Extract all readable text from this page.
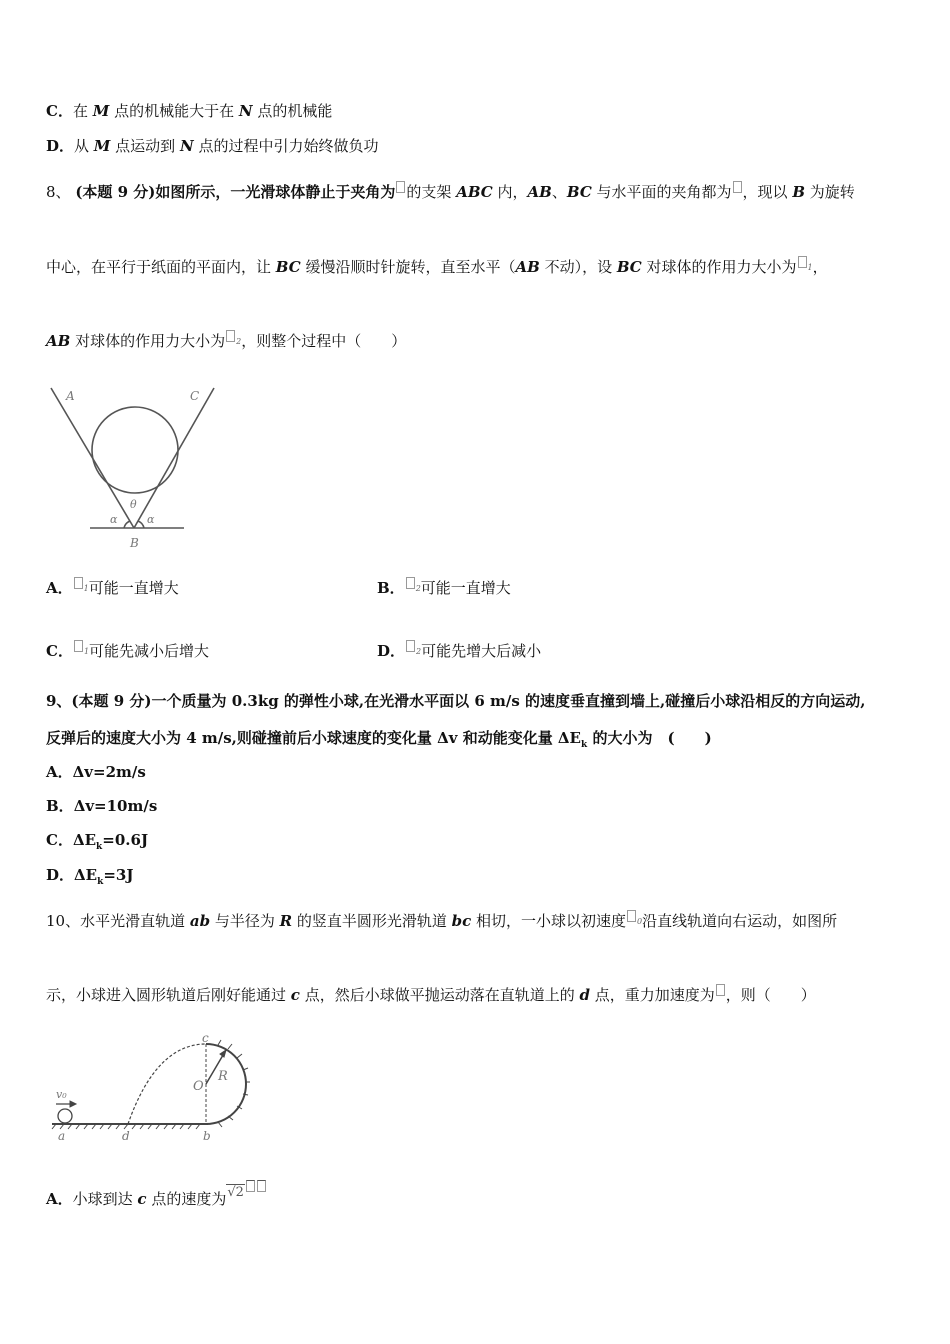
C．在 M 点的机械能大于在 N 点的机械能
D．从 M 点运动到 N 点的过程中引力始终做负功
8、 (本题 9 分)如图所示，一光滑球体静止于夹角为 的支架 ABC 内，AB、BC 与水平面的夹角都为 ，现以 B 为旋转
中心，在平行于纸面的平面内，让 BC 缓慢沿顺时针旋转，直至水平（AB 不动），设 BC 对球体的作用力大小为 $^1$，
AB 对球体的作用力大小为 $^2$，则整个过程中（　　）
A	C
θ
α	α
B
A． $^1$可能一直增大	B． $^2$可能一直增大
C． $^1$可能先减小后增大	D． $^2$可能先增大后减小
9、(本题 9 分)一个质量为 0.3kg 的弹性小球,在光滑水平面以 6 m/s 的速度垂直撞到墙上,碰撞后小球沿相反的方向运动,
反弹后的速度大小为 4 m/s,则碰撞前后小球速度的变化量 Δv 和动能变化量 $\Delta E_k$ 的大小为　(　　)
A．Δv=2m/s
B．Δv=10m/s
C．$\Delta E_k=0.6J$
D．$\Delta E_k=3J$
10、水平光滑直轨道 ab 与半径为 R 的竖直半圆形光滑轨道 bc 相切，一小球以初速度 $^0$沿直线轨道向右运动，如图所
示，小球进入圆形轨道后刚好能通过 c 点，然后小球做平抛运动落在直轨道上的 d 点，重力加速度为 ，则（　　）
v₀
a	d	b
c
O
R
A．小球到达 c 点的速度为√2
